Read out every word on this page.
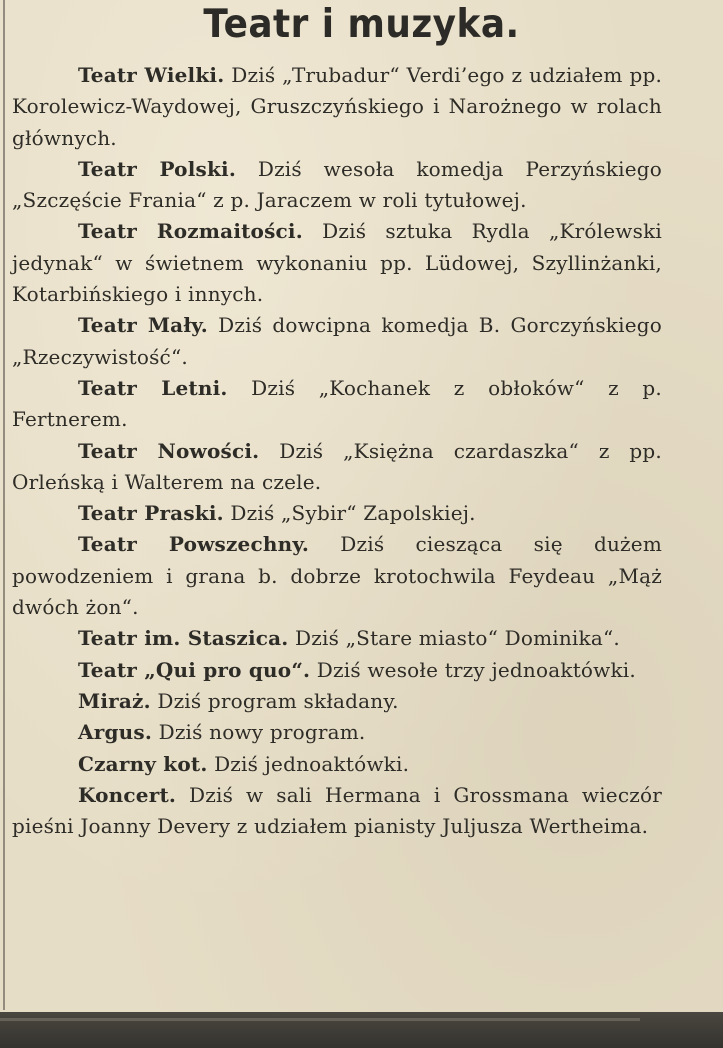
Teatr i muzyka.

Teatr Wielki. Dziś „Trubadur“ Verdi’ego z udziałem pp. Korolewicz-Waydowej, Gruszczyńskiego i Narożnego w rolach głównych.

Teatr Polski. Dziś wesoła komedja Perzyńskiego „Szczęście Frania“ z p. Jaraczem w roli tytułowej.

Teatr Rozmaitości. Dziś sztuka Rydla „Królewski jedynak“ w świetnem wykonaniu pp. Lüdowej, Szyllinżanki, Kotarbińskiego i innych.

Teatr Mały. Dziś dowcipna komedja B. Gorczyńskiego „Rzeczywistość“.

Teatr Letni. Dziś „Kochanek z obłoków“ z p. Fertnerem.

Teatr Nowości. Dziś „Księżna czardaszka“ z pp. Orleńską i Walterem na czele.

Teatr Praski. Dziś „Sybir“ Zapolskiej.

Teatr Powszechny. Dziś ciesząca się dużem powodzeniem i grana b. dobrze krotochwila Feydeau „Mąż dwóch żon“.

Teatr im. Staszica. Dziś „Stare miasto“ Dominika“.

Teatr „Qui pro quo“. Dziś wesołe trzy jednoaktówki.

Miraż. Dziś program składany.

Argus. Dziś nowy program.

Czarny kot. Dziś jednoaktówki.

Koncert. Dziś w sali Hermana i Grossmana wieczór pieśni Joanny Devery z udziałem pianisty Juljusza Wertheima.
